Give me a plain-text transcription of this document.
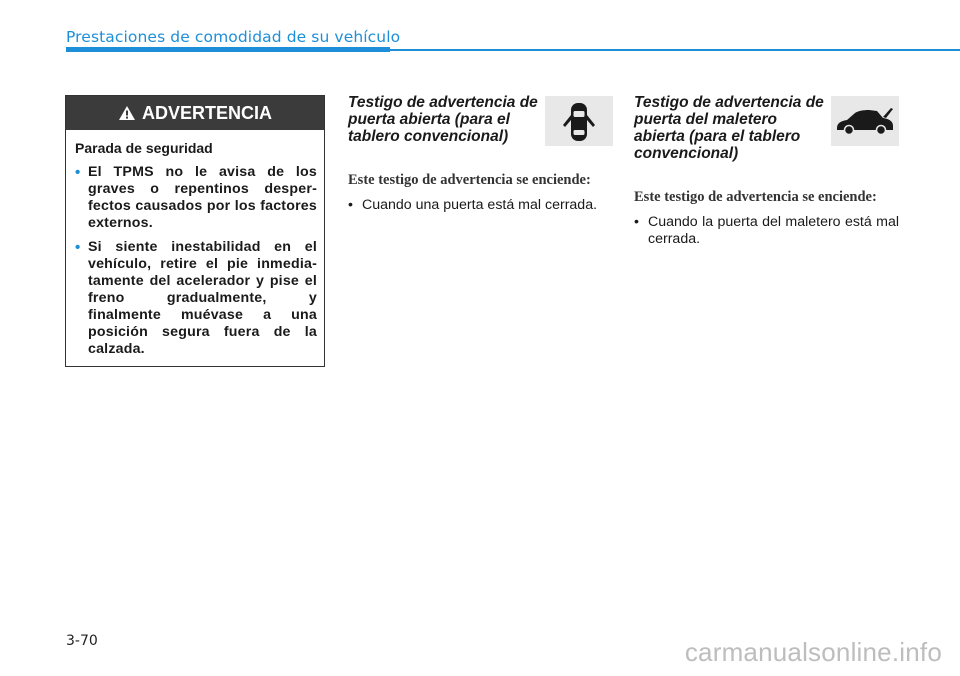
Prestaciones de comodidad de su vehículo
ADVERTENCIA

Parada de seguridad

• El TPMS no le avisa de los graves o repentinos desper-fectos causados por los factores externos.
• Si siente inestabilidad en el vehículo, retire el pie inmedia-tamente del acelerador y pise el freno gradualmente, y finalmente muévase a una posición segura fuera de la calzada.
Testigo de advertencia de puerta abierta (para el tablero convencional)

Este testigo de advertencia se enciende:

• Cuando una puerta está mal cerrada.

Testigo de advertencia de puerta del maletero abierta (para el tablero convencional)

Este testigo de advertencia se enciende:

• Cuando la puerta del maletero está mal cerrada.

3-70	carmanualsonline.info
